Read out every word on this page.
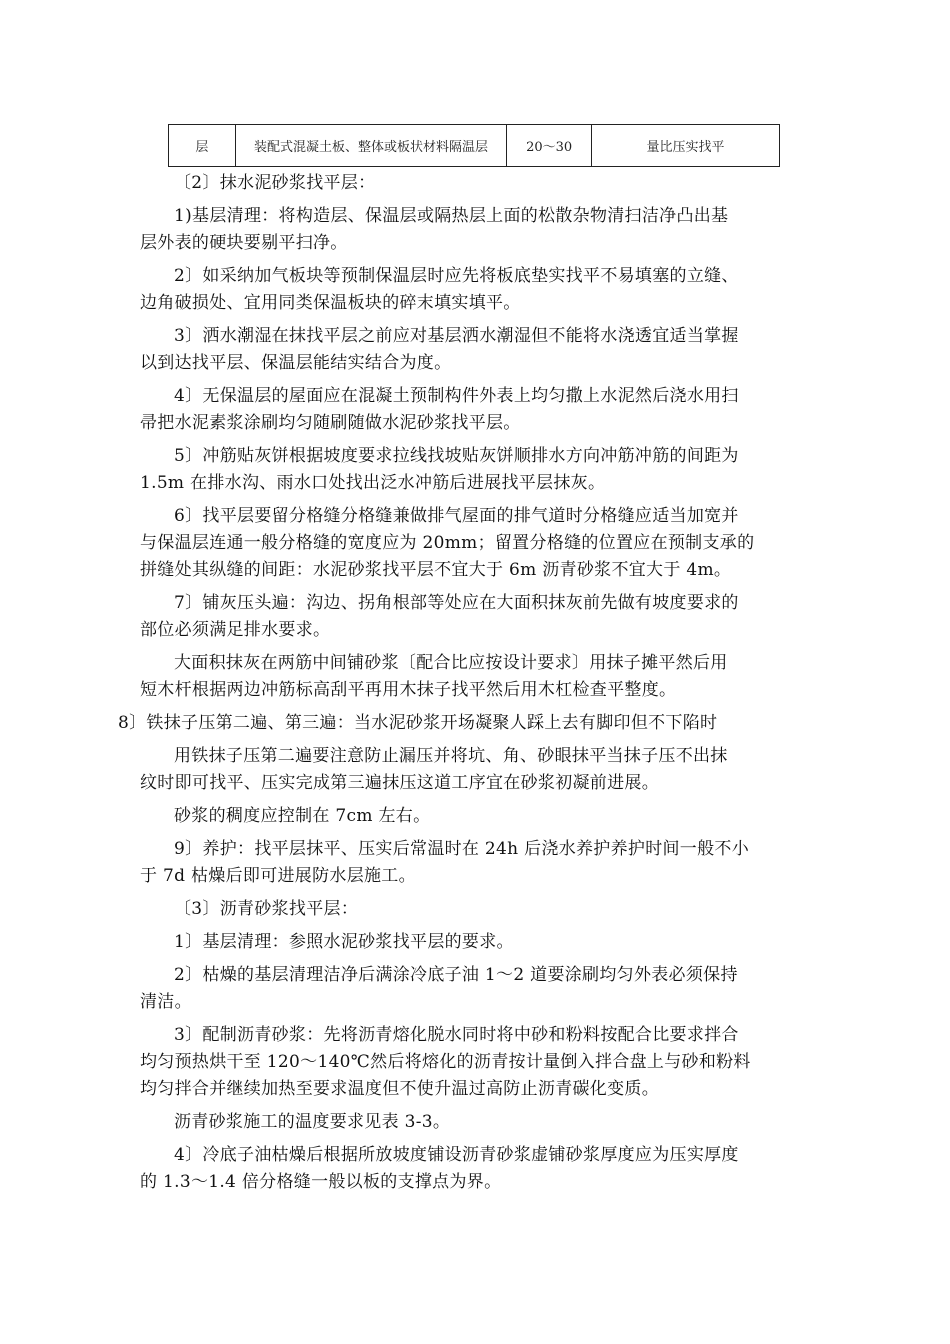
层	装配式混凝土板、整体或板状材料隔温层	20～30	量比压实找平
〔2〕抹水泥砂浆找平层：
1)基层清理：将构造层、保温层或隔热层上面的松散杂物清扫洁净凸出基
层外表的硬块要剔平扫净。
2〕如采纳加气板块等预制保温层时应先将板底垫实找平不易填塞的立缝、
边角破损处、宜用同类保温板块的碎末填实填平。
3〕洒水潮湿在抹找平层之前应对基层洒水潮湿但不能将水浇透宜适当掌握
以到达找平层、保温层能结实结合为度。
4〕无保温层的屋面应在混凝土预制构件外表上均匀撒上水泥然后浇水用扫
帚把水泥素浆涂刷均匀随刷随做水泥砂浆找平层。
5〕冲筋贴灰饼根据坡度要求拉线找坡贴灰饼顺排水方向冲筋冲筋的间距为
1.5m 在排水沟、雨水口处找出泛水冲筋后进展找平层抹灰。
6〕找平层要留分格缝分格缝兼做排气屋面的排气道时分格缝应适当加宽并
与保温层连通一般分格缝的宽度应为 20mm；留置分格缝的位置应在预制支承的
拼缝处其纵缝的间距：水泥砂浆找平层不宜大于 6m 沥青砂浆不宜大于 4m。
7〕铺灰压头遍：沟边、拐角根部等处应在大面积抹灰前先做有坡度要求的
部位必须满足排水要求。
大面积抹灰在两筋中间铺砂浆〔配合比应按设计要求〕用抹子摊平然后用
短木杆根据两边冲筋标高刮平再用木抹子找平然后用木杠检查平整度。
8〕铁抹子压第二遍、第三遍：当水泥砂浆开场凝聚人踩上去有脚印但不下陷时
用铁抹子压第二遍要注意防止漏压并将坑、角、砂眼抹平当抹子压不出抹
纹时即可找平、压实完成第三遍抹压这道工序宜在砂浆初凝前进展。
砂浆的稠度应控制在 7cm 左右。
9〕养护：找平层抹平、压实后常温时在 24h 后浇水养护养护时间一般不小
于 7d 枯燥后即可进展防水层施工。
〔3〕沥青砂浆找平层：
1〕基层清理：参照水泥砂浆找平层的要求。
2〕枯燥的基层清理洁净后满涂冷底子油 1～2 道要涂刷均匀外表必须保持
清洁。
3〕配制沥青砂浆：先将沥青熔化脱水同时将中砂和粉料按配合比要求拌合
均匀预热烘干至 120～140℃然后将熔化的沥青按计量倒入拌合盘上与砂和粉料
均匀拌合并继续加热至要求温度但不使升温过高防止沥青碳化变质。
沥青砂浆施工的温度要求见表 3-3。
4〕冷底子油枯燥后根据所放坡度铺设沥青砂浆虚铺砂浆厚度应为压实厚度
的 1.3～1.4 倍分格缝一般以板的支撑点为界。
